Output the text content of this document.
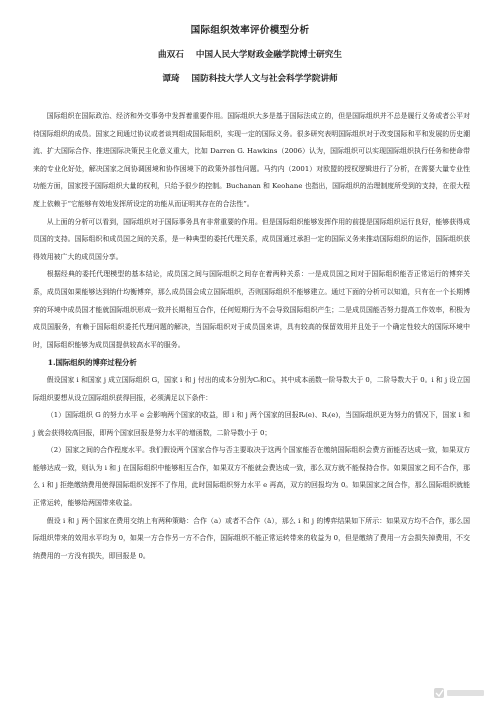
国际组织效率评价模型分析
曲双石 中国人民大学财政金融学院博士研究生
谭琦 国防科技大学人文与社会科学学院讲师

国际组织在国际政治、经济和外交事务中发挥着重要作用。国际组织大多是基于国际法成立的，但是国际组织并不总是履行义务或者公平对待国际组织的成员。国家之间通过协议或者谈判组成国际组织，实现一定的国际义务。很多研究表明国际组织对于改变国际和平和发展的历史潮流、扩大国际合作、推进国际决策民主化意义重大，比如 Darren G. Hawkins（2006）认为，国际组织可以实现国际组织执行任务和使命带来的专业化好处，解决国家之间协调困境和协作困境下的政策外部性问题。马约内（2001）对欧盟的授权逻辑进行了分析，在需要大量专业性功能方面，国家授予国际组织大量的权利，只给予很少的控制。Buchanan 和 Keohane 也指出，国际组织的治理制度所受到的支持，在很大程度上依赖于“它能够有效地发挥所设定的功能从而证明其存在的合法性”。

从上面的分析可以看到，国际组织对于国际事务具有非常重要的作用。但是国际组织能够发挥作用的前提是国际组织运行良好，能够获得成员国的支持。国际组织和成员国之间的关系，是一种典型的委托代理关系，成员国通过承担一定的国际义务来推动国际组织的运作，国际组织获得效用被广大的成员国分享。

根据经典的委托代理模型的基本结论，成员国之间与国际组织之间存在着两种关系：一是成员国之间对于国际组织能否正常运行的博弈关系，成员国如果能够达到纳什均衡博弈，那么成员国会成立国际组织，否则国际组织不能够建立。通过下面的分析可以知道，只有在一个长期博弈的环境中成员国才能就国际组织形成一致并长期相互合作，任何短期行为不会导致国际组织产生；二是成员国能否努力提高工作效率，积极为成员国服务，有赖于国际组织委托代理问题的解决，当国际组织对于成员国来讲，具有较高的保留效用并且处于一个确定性较大的国际环境中时，国际组织能够为成员国提供较高水平的服务。

1.国际组织的博弈过程分析

假设国家 i 和国家 j 成立国际组织 G，国家 i 和 j 付出的成本分别为Cᵢ和Cⱼ，其中成本函数一阶导数大于 0，二阶导数大于 0。i 和 j 设立国际组织要想从设立国际组织获得回报，必须满足以下条件：

（1）国际组织 G 的努力水平 e 会影响两个国家的收益，即 i 和 j 两个国家的回报Rᵢ(e)、Rⱼ(e)，当国际组织更为努力的情况下，国家 i 和 j 就会获得较高回报，即两个国家回报是努力水平的增函数，二阶导数小于 0；

（2）国家之间的合作程度水平。我们假设两个国家合作与否主要取决于这两个国家能否在缴纳国际组织会费方面能否达成一致，如果双方能够达成一致，则认为 i 和 j 在国际组织中能够相互合作，如果双方不能就会费达成一致，那么双方就不能保持合作。如果国家之间不合作，那么 i 和 j 拒绝缴纳费用使得国际组织发挥不了作用，此时国际组织努力水平 e 再高，双方的回报均为 0。如果国家之间合作，那么国际组织就能正常运转，能够给两国带来收益。

假设 i 和 j 两个国家在费用交纳上有两种策略：合作（a）或者不合作（ā），那么 i 和 j 的博弈结果如下所示：如果双方均不合作，那么国际组织带来的效用水平均为 0，如果一方合作另一方不合作，国际组织不能正常运转带来的收益为 0，但是缴纳了费用一方会损失掉费用，不交纳费用的一方没有损失，即回报是 0。
